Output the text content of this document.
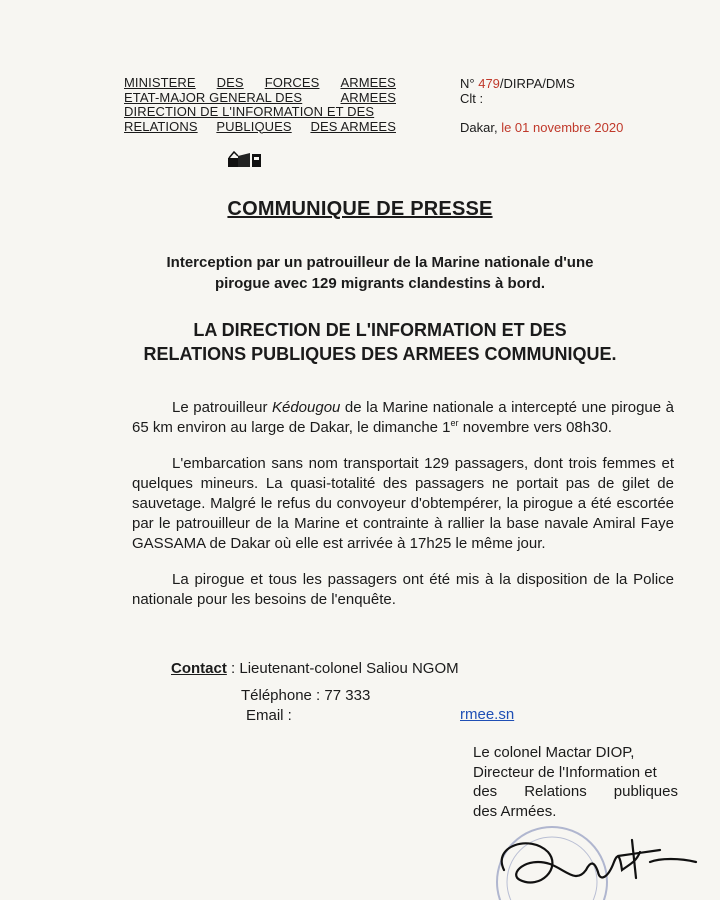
MINISTERE DES FORCES ARMEES
ETAT-MAJOR GENERAL DES	ARMEES
DIRECTION DE L'INFORMATION ET DES
RELATIONS PUBLIQUES DES ARMEES
N° 479/DIRPA/DMS
Clt :
Dakar, le 01 novembre 2020
COMMUNIQUE DE PRESSE
Interception par un patrouilleur de la Marine nationale d'une
pirogue avec 129 migrants clandestins à bord.
LA DIRECTION DE L'INFORMATION ET DES
RELATIONS PUBLIQUES DES ARMEES COMMUNIQUE.

Le patrouilleur Kédougou de la Marine nationale a intercepté une pirogue à 65 km environ au large de Dakar, le dimanche 1er novembre vers 08h30.

L'embarcation sans nom transportait 129 passagers, dont trois femmes et quelques mineurs. La quasi-totalité des passagers ne portait pas de gilet de sauvetage. Malgré le refus du convoyeur d'obtempérer, la pirogue a été escortée par le patrouilleur de la Marine et contrainte à rallier la base navale Amiral Faye GASSAMA de Dakar où elle est arrivée à 17h25 le même jour.

La pirogue et tous les passagers ont été mis à la disposition de la Police nationale pour les besoins de l'enquête.

Contact : Lieutenant-colonel Saliou NGOM
Téléphone : 77 333
Email :	rmee.sn
Le colonel Mactar DIOP,
Directeur de l'Information et
des Relations publiques
des Armées.
